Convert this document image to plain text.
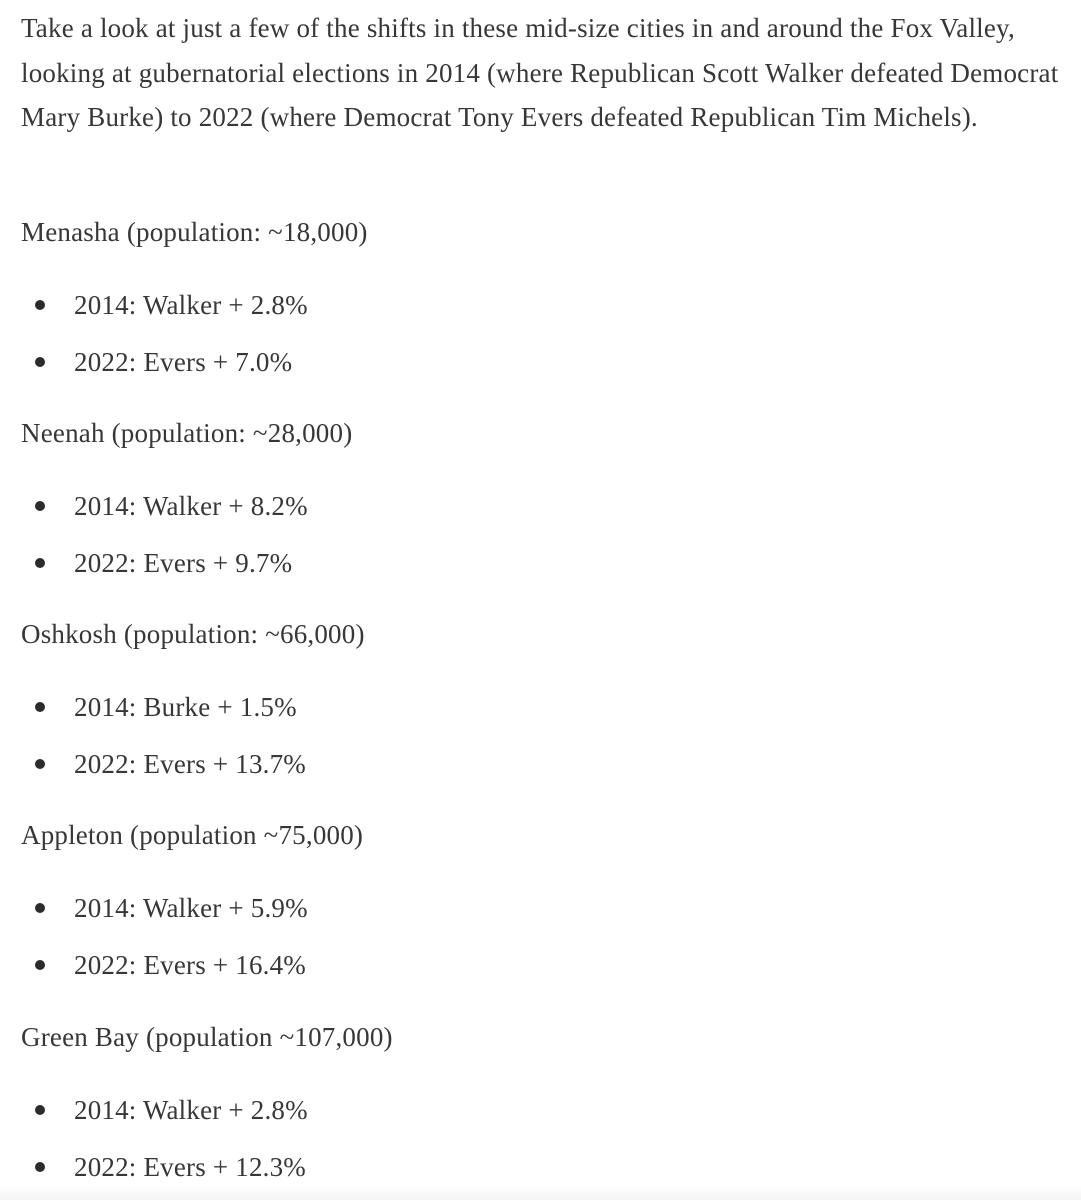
Take a look at just a few of the shifts in these mid-size cities in and around the Fox Valley, looking at gubernatorial elections in 2014 (where Republican Scott Walker defeated Democrat Mary Burke) to 2022 (where Democrat Tony Evers defeated Republican Tim Michels).

Menasha (population: ~18,000)

2014: Walker + 2.8%
2022: Evers + 7.0%

Neenah (population: ~28,000)

2014: Walker + 8.2%
2022: Evers + 9.7%

Oshkosh (population: ~66,000)

2014: Burke + 1.5%
2022: Evers + 13.7%

Appleton (population ~75,000)

2014: Walker + 5.9%
2022: Evers + 16.4%

Green Bay (population ~107,000)

2014: Walker + 2.8%
2022: Evers + 12.3%
